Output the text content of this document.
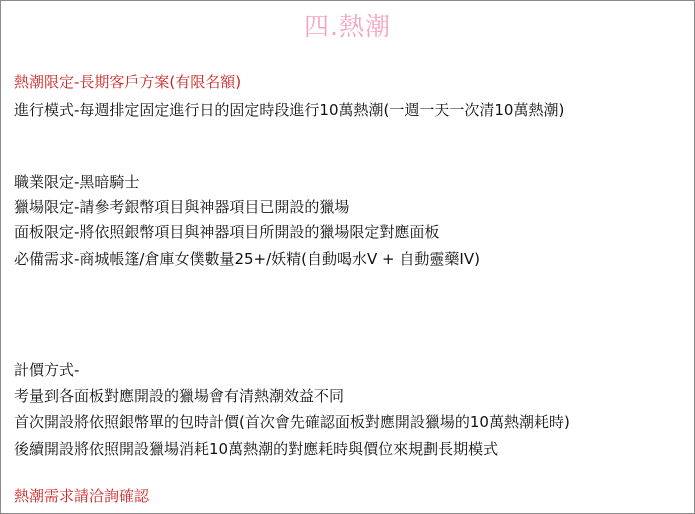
四.熱潮
熱潮限定-長期客戶方案(有限名額)
進行模式-每週排定固定進行日的固定時段進行10萬熱潮(一週一天一次清10萬熱潮)
職業限定-黑暗騎士
獵場限定-請參考銀幣項目與神器項目已開設的獵場
面板限定-將依照銀幣項目與神器項目所開設的獵場限定對應面板
必備需求-商城帳篷/倉庫女僕數量25+/妖精(自動喝水V + 自動靈藥IV)
計價方式-
考量到各面板對應開設的獵場會有清熱潮效益不同
首次開設將依照銀幣單的包時計價(首次會先確認面板對應開設獵場的10萬熱潮耗時)
後續開設將依照開設獵場消耗10萬熱潮的對應耗時與價位來規劃長期模式
熱潮需求請洽詢確認
